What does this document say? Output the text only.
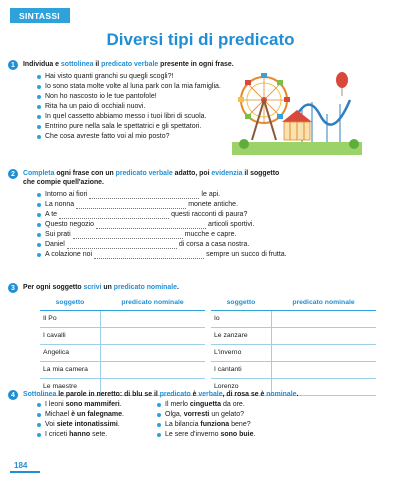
SINTASSI
Diversi tipi di predicato
1	Individua e sottolinea il predicato verbale presente in ogni frase.
Hai visto quanti granchi su quegli scogli?!
Io sono stata molte volte al luna park con la mia famiglia.
Non ho nascosto io le tue pantofole!
Rita ha un paio di occhiali nuovi.
In quel cassetto abbiamo messo i tuoi libri di scuola.
Entrino pure nella sala le spettatrici e gli spettatori.
Che cosa avreste fatto voi al mio posto?
2	Completa ogni frase con un predicato verbale adatto, poi evidenzia il soggetto
che compie quell'azione.
Intorno ai fiori	le api.
La nonna	monete antiche.
A te	questi racconti di paura?
Questo negozio	articoli sportivi.
Sui prati	mucche e capre.
Daniel	di corsa a casa nostra.
A colazione noi	sempre un succo di frutta.
3	Per ogni soggetto scrivi un predicato nominale.
soggetto	predicato nominale
Il Po	
I cavalli	
Angelica	
La mia camera	
Le maestre	
soggetto	predicato nominale
Io	
Le zanzare	
L'inverno	
I cantanti	
Lorenzo	
4	Sottolinea le parole in neretto: di blu se il predicato è verbale, di rosa se è nominale.
I leoni sono mammiferi.
Michael è un falegname.
Voi siete intonatissimi.
I criceti hanno sete.
Il merlo cinguetta da ore.
Olga, vorresti un gelato?
La bilancia funziona bene?
Le sere d'inverno sono buie.
184
